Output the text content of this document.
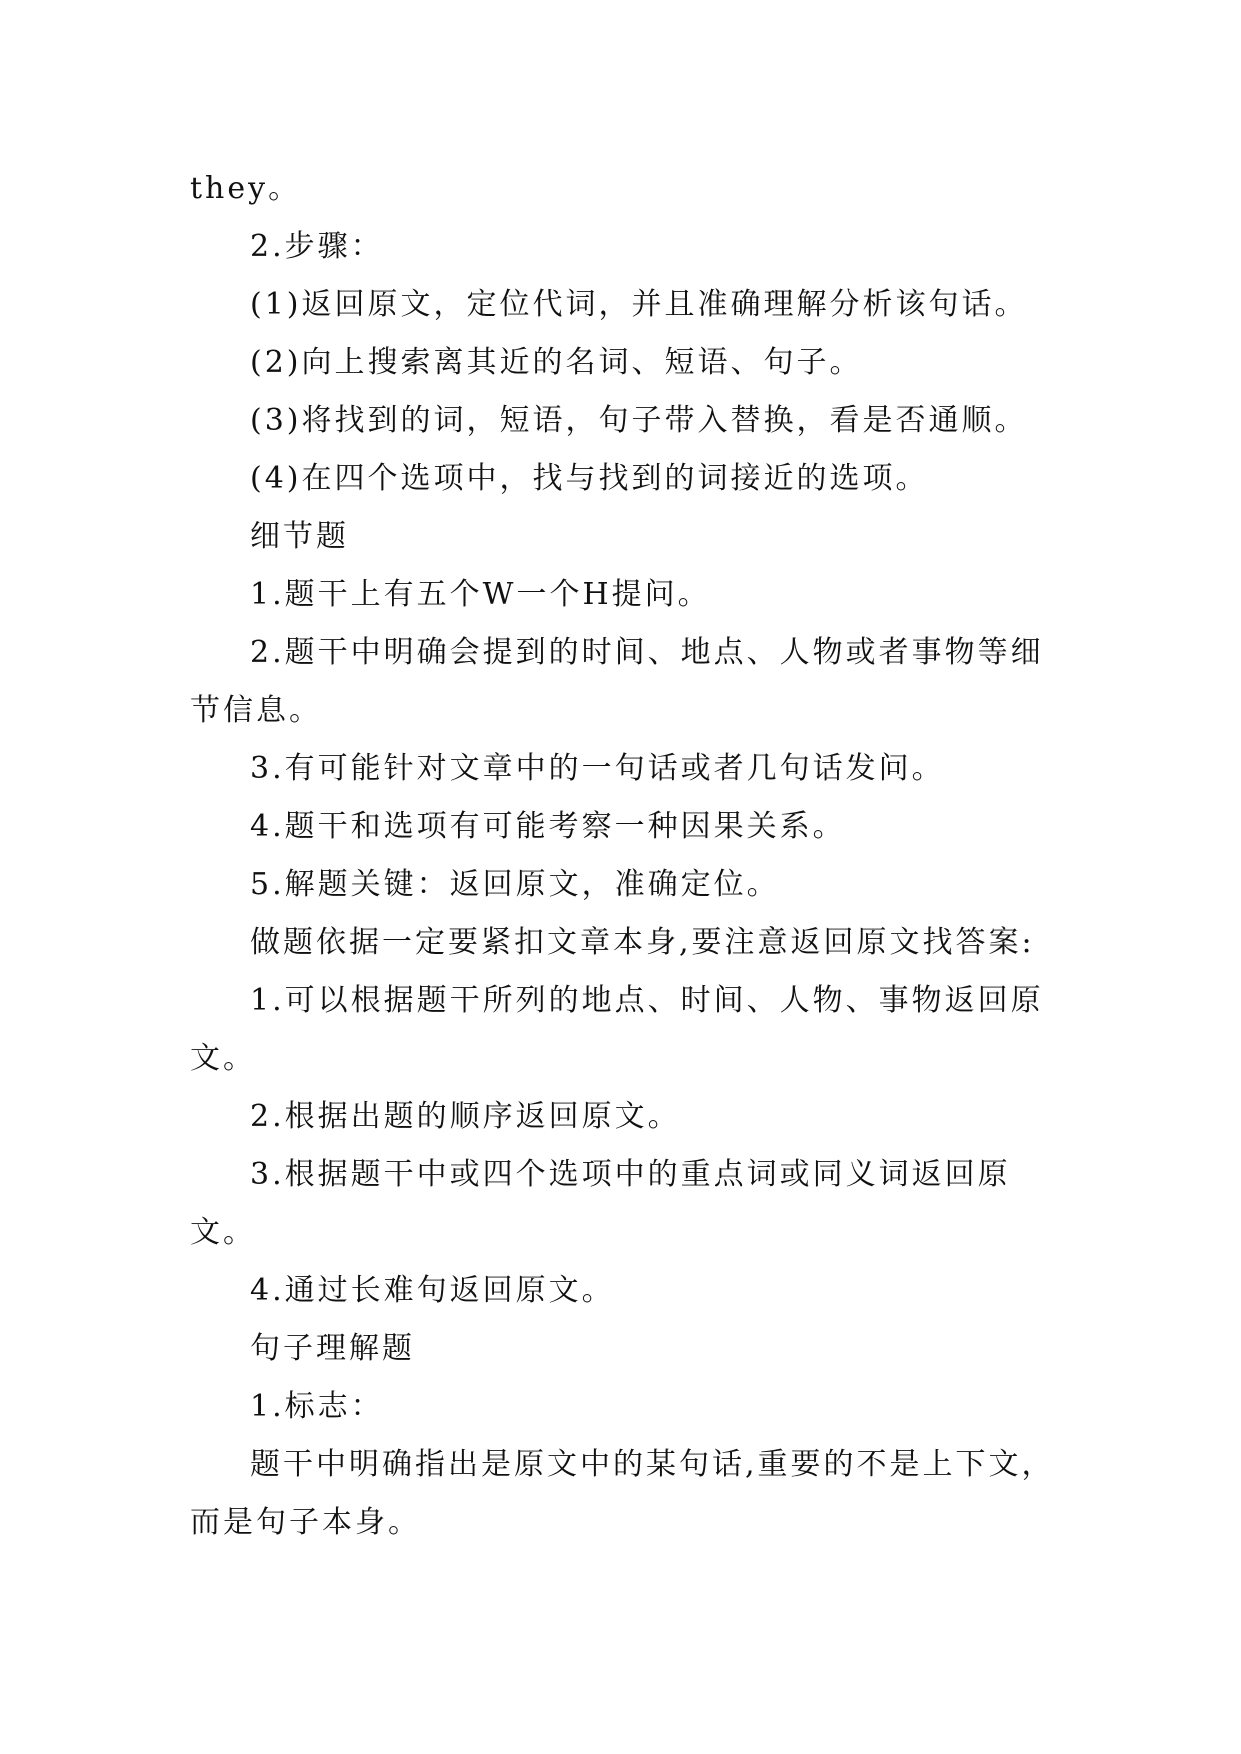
they。

2.步骤：

(1)返回原文，定位代词，并且准确理解分析该句话。

(2)向上搜索离其近的名词、短语、句子。

(3)将找到的词，短语，句子带入替换，看是否通顺。

(4)在四个选项中，找与找到的词接近的选项。

细节题

1.题干上有五个W一个H提问。

2.题干中明确会提到的时间、地点、人物或者事物等细节信息。

3.有可能针对文章中的一句话或者几句话发问。

4.题干和选项有可能考察一种因果关系。

5.解题关键：返回原文，准确定位。

做题依据一定要紧扣文章本身,要注意返回原文找答案:

1.可以根据题干所列的地点、时间、人物、事物返回原文。

2.根据出题的顺序返回原文。

3.根据题干中或四个选项中的重点词或同义词返回原文。

4.通过长难句返回原文。

句子理解题

1.标志：

题干中明确指出是原文中的某句话,重要的不是上下文，而是句子本身。
